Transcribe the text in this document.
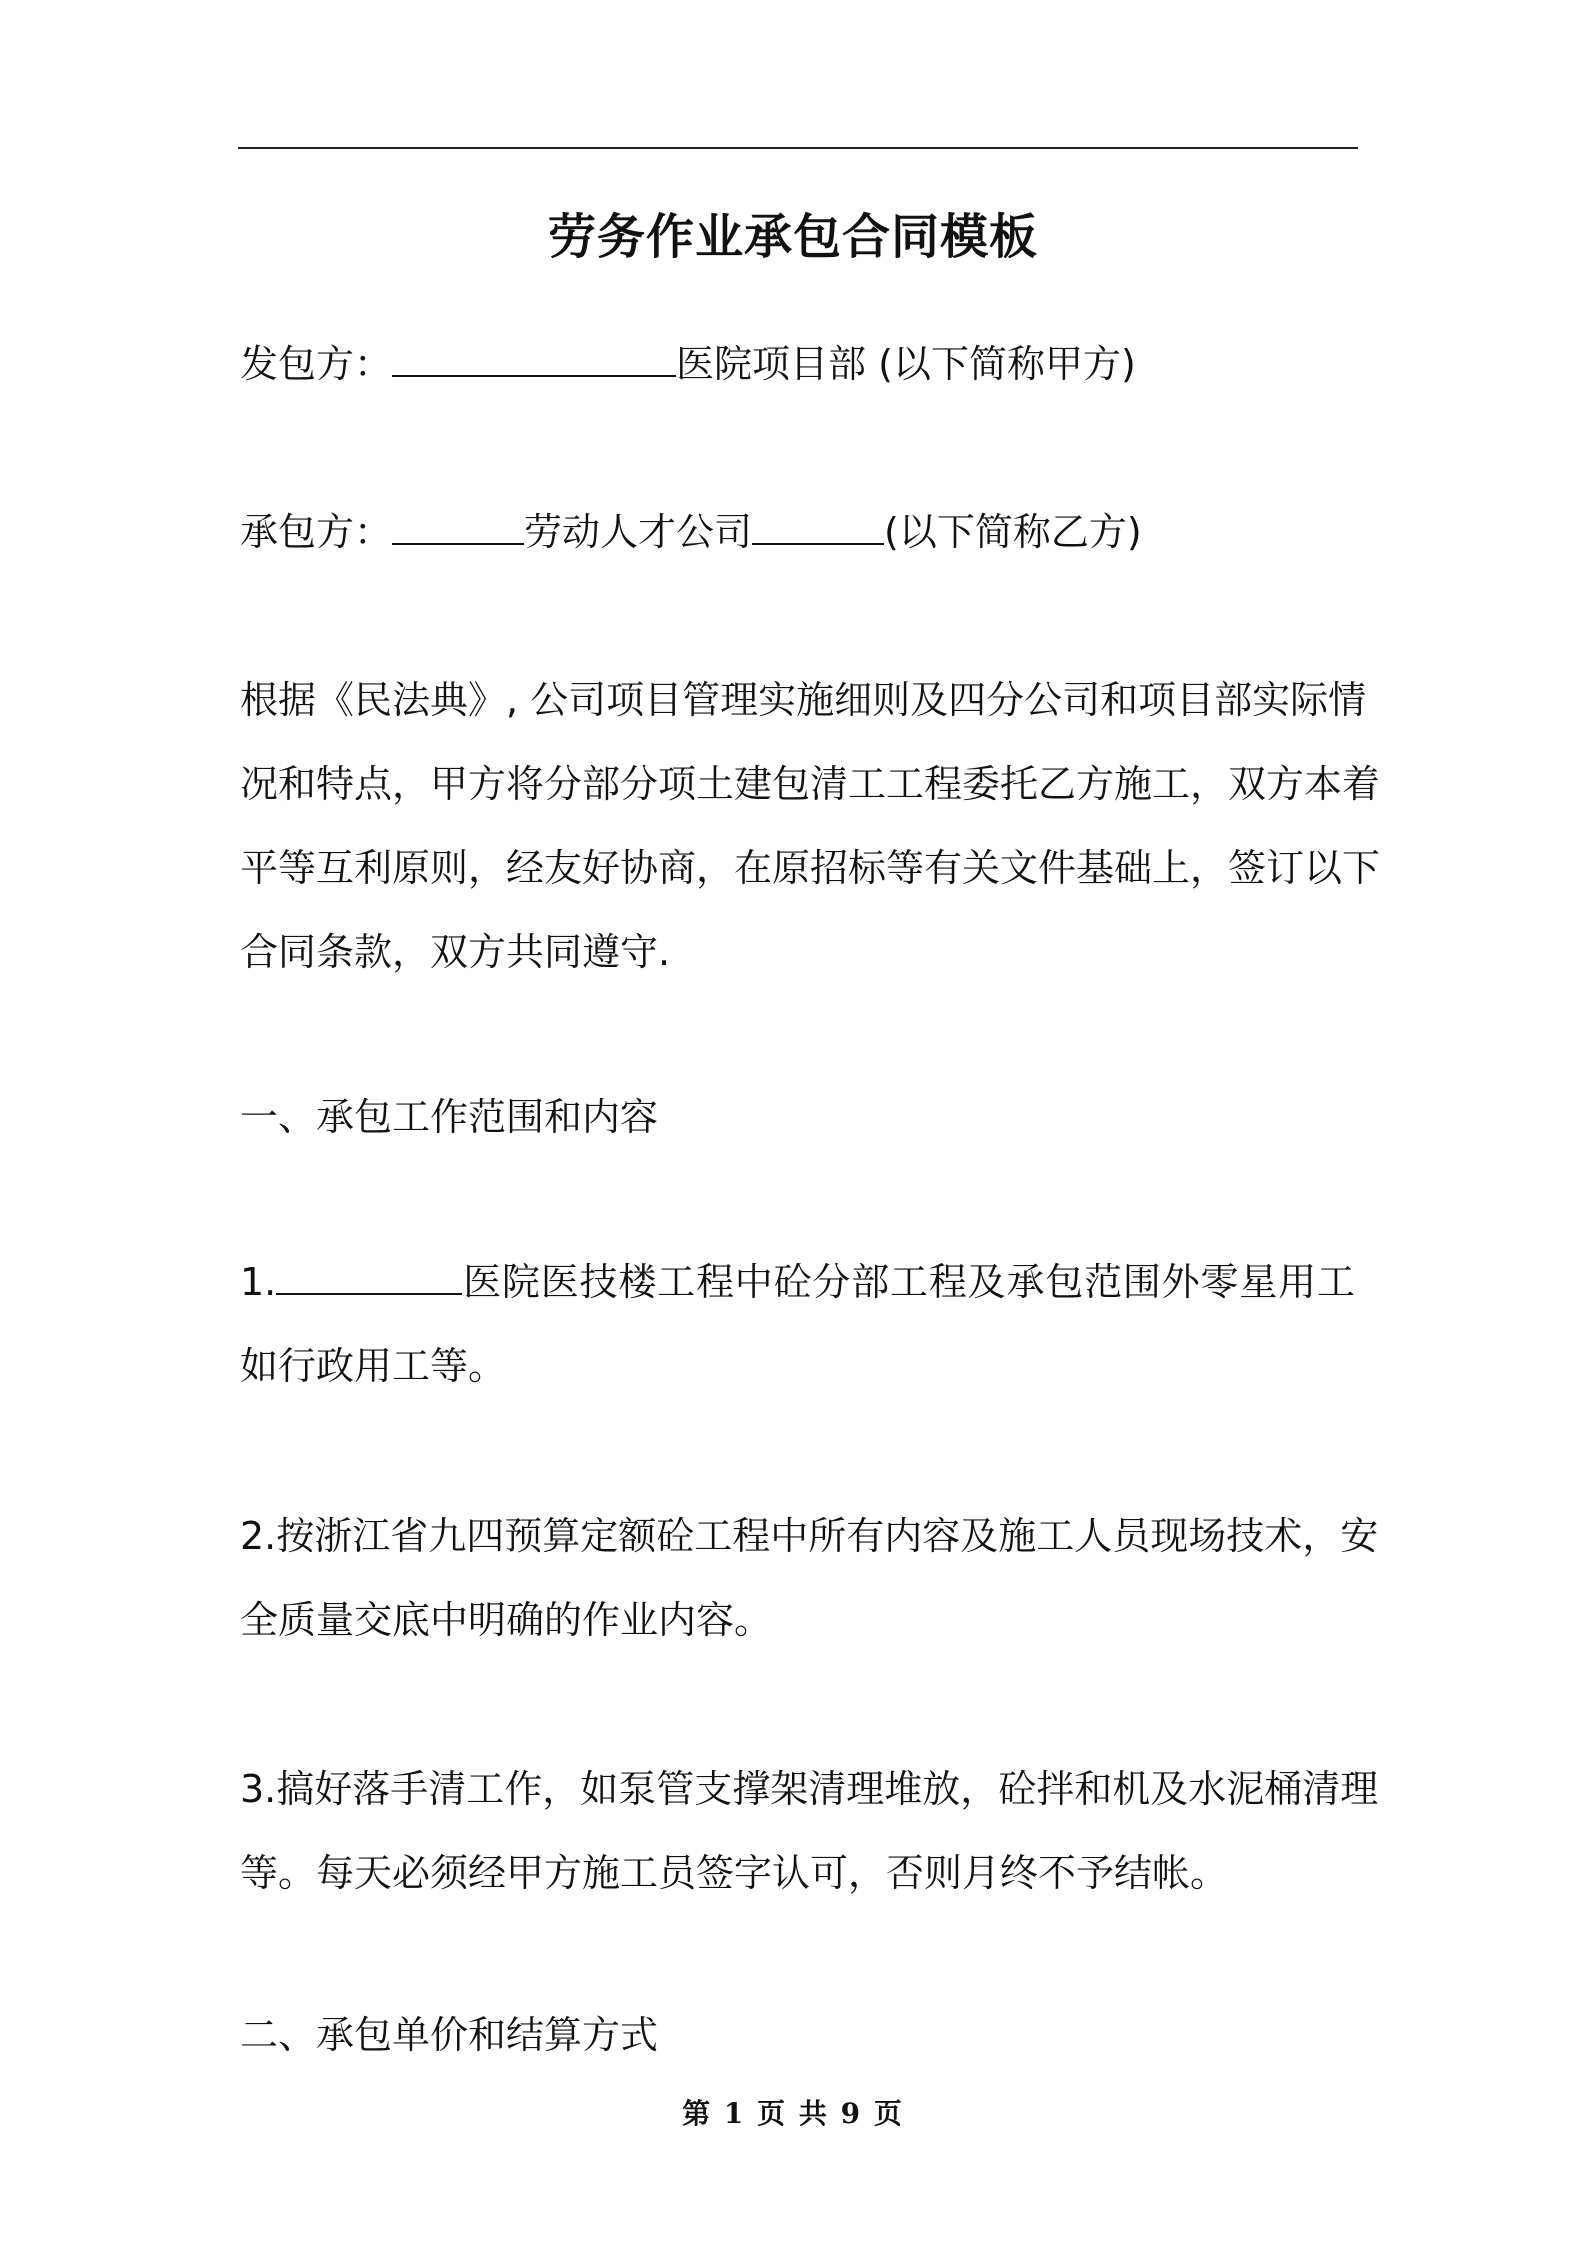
劳务作业承包合同模板
发包方：	医院项目部 (以下简称甲方)
承包方：	劳动人才公司	(以下简称乙方)
根据《民法典》, 公司项目管理实施细则及四分公司和项目部实际情
况和特点，甲方将分部分项土建包清工工程委托乙方施工，双方本着
平等互利原则，经友好协商，在原招标等有关文件基础上，签订以下
合同条款，双方共同遵守.
一、承包工作范围和内容
1.	医院医技楼工程中砼分部工程及承包范围外零星用工
如行政用工等。
2.按浙江省九四预算定额砼工程中所有内容及施工人员现场技术，安
全质量交底中明确的作业内容。
3.搞好落手清工作，如泵管支撑架清理堆放，砼拌和机及水泥桶清理
等。每天必须经甲方施工员签字认可，否则月终不予结帐。
二、承包单价和结算方式
第 1 页 共 9 页
